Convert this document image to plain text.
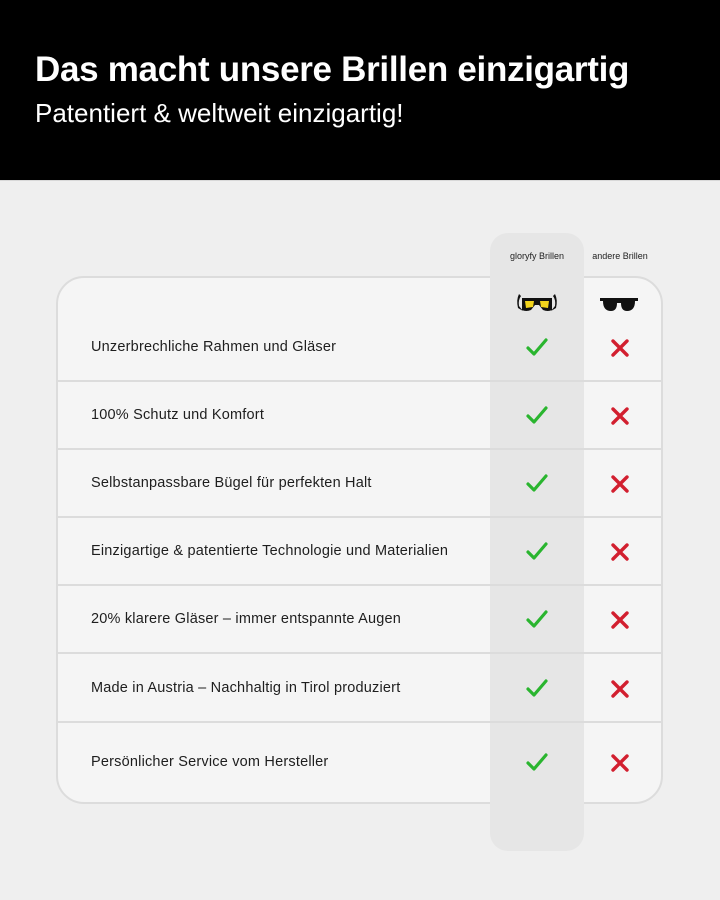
Das macht unsere Brillen einzigartig
Patentiert & weltweit einzigartig!
gloryfy Brillen	andere Brillen
Unzerbrechliche Rahmen und Gläser
100% Schutz und Komfort
Selbstanpassbare Bügel für perfekten Halt
Einzigartige & patentierte Technologie und Materialien
20% klarere Gläser – immer entspannte Augen
Made in Austria – Nachhaltig in Tirol produziert
Persönlicher Service vom Hersteller
